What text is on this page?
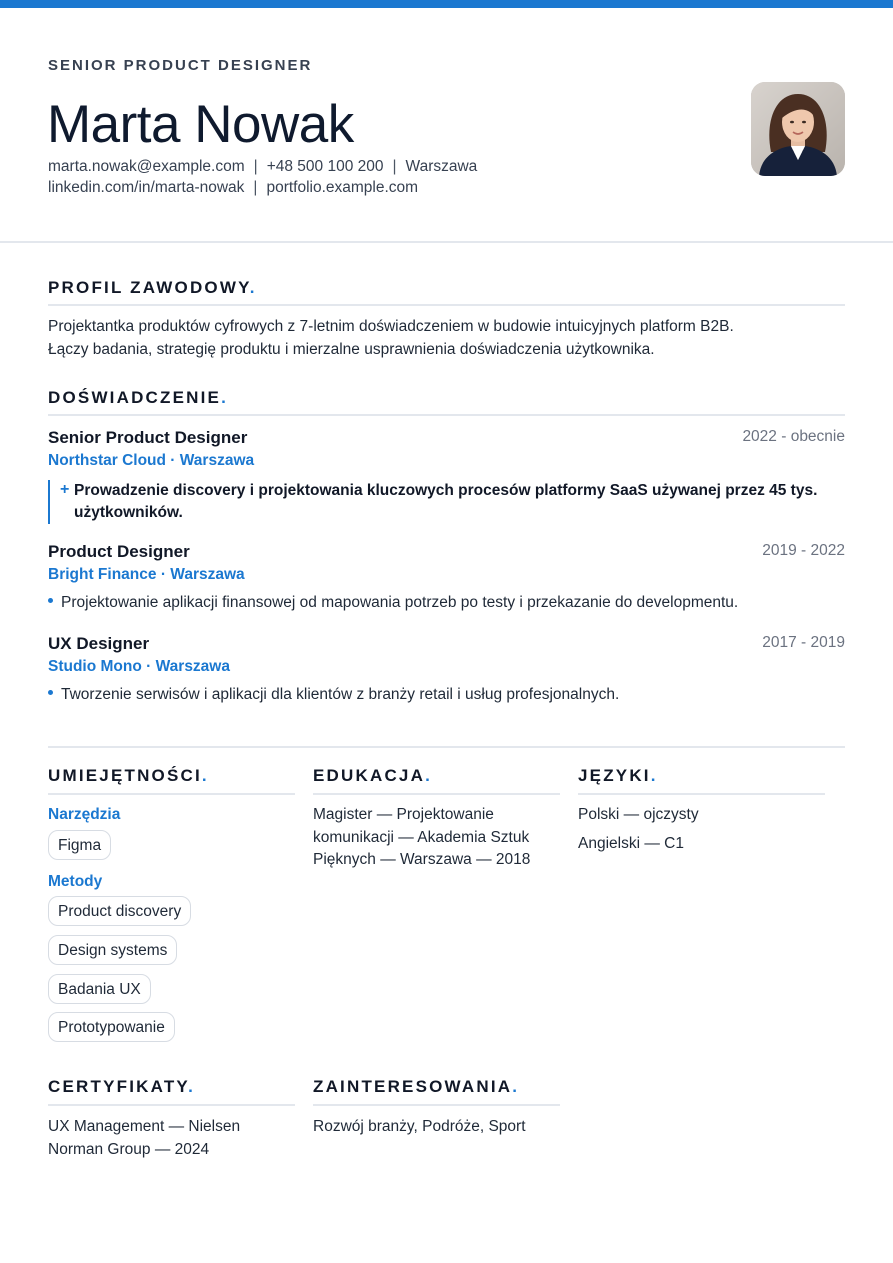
SENIOR PRODUCT DESIGNER
Marta Nowak
marta.nowak@example.com | +48 500 100 200 | Warszawa
linkedin.com/in/marta-nowak | portfolio.example.com
PROFIL ZAWODOWY.
Projektantka produktów cyfrowych z 7-letnim doświadczeniem w budowie intuicyjnych platform B2B.
Łączy badania, strategię produktu i mierzalne usprawnienia doświadczenia użytkownika.
DOŚWIADCZENIE.
Senior Product Designer	2022 - obecnie
Northstar Cloud · Warszawa
+ Prowadzenie discovery i projektowania kluczowych procesów platformy SaaS używanej przez 45 tys. użytkowników.
Product Designer	2019 - 2022
Bright Finance · Warszawa
Projektowanie aplikacji finansowej od mapowania potrzeb po testy i przekazanie do developmentu.
UX Designer	2017 - 2019
Studio Mono · Warszawa
Tworzenie serwisów i aplikacji dla klientów z branży retail i usług profesjonalnych.
UMIEJĘTNOŚCI.
Narzędzia
Figma
Metody
Product discovery
Design systems
Badania UX
Prototypowanie
EDUKACJA.
Magister — Projektowanie
komunikacji — Akademia Sztuk
Pięknych — Warszawa — 2018
JĘZYKI.
Polski — ojczysty
Angielski — C1
CERTYFIKATY.
UX Management — Nielsen
Norman Group — 2024
ZAINTERESOWANIA.
Rozwój branży, Podróże, Sport
